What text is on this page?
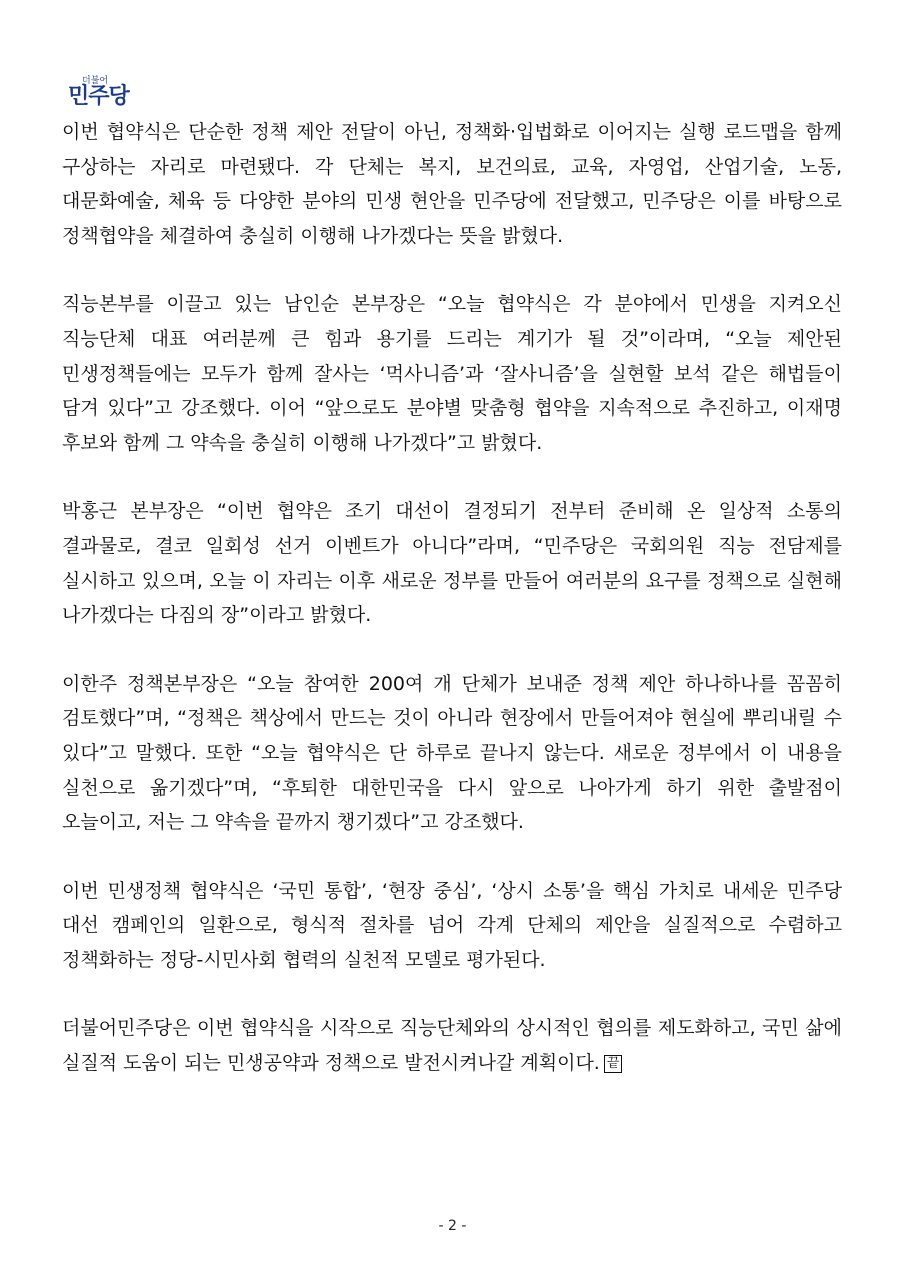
더불어
민주당

이번 협약식은 단순한 정책 제안 전달이 아닌, 정책화·입법화로 이어지는 실행 로드맵을 함께 구상하는 자리로 마련됐다. 각 단체는 복지, 보건의료, 교육, 자영업, 산업기술, 노동, 대문화예술, 체육 등 다양한 분야의 민생 현안을 민주당에 전달했고, 민주당은 이를 바탕으로 정책협약을 체결하여 충실히 이행해 나가겠다는 뜻을 밝혔다.

직능본부를 이끌고 있는 남인순 본부장은 “오늘 협약식은 각 분야에서 민생을 지켜오신 직능단체 대표 여러분께 큰 힘과 용기를 드리는 계기가 될 것”이라며, “오늘 제안된 민생정책들에는 모두가 함께 잘사는 ‘먹사니즘’과 ‘잘사니즘’을 실현할 보석 같은 해법들이 담겨 있다”고 강조했다. 이어 “앞으로도 분야별 맞춤형 협약을 지속적으로 추진하고, 이재명 후보와 함께 그 약속을 충실히 이행해 나가겠다”고 밝혔다.

박홍근 본부장은 “이번 협약은 조기 대선이 결정되기 전부터 준비해 온 일상적 소통의 결과물로, 결코 일회성 선거 이벤트가 아니다”라며, “민주당은 국회의원 직능 전담제를 실시하고 있으며, 오늘 이 자리는 이후 새로운 정부를 만들어 여러분의 요구를 정책으로 실현해 나가겠다는 다짐의 장”이라고 밝혔다.

이한주 정책본부장은 “오늘 참여한 200여 개 단체가 보내준 정책 제안 하나하나를 꼼꼼히 검토했다”며, “정책은 책상에서 만드는 것이 아니라 현장에서 만들어져야 현실에 뿌리내릴 수 있다”고 말했다. 또한 “오늘 협약식은 단 하루로 끝나지 않는다. 새로운 정부에서 이 내용을 실천으로 옮기겠다”며, “후퇴한 대한민국을 다시 앞으로 나아가게 하기 위한 출발점이 오늘이고, 저는 그 약속을 끝까지 챙기겠다”고 강조했다.

이번 민생정책 협약식은 ‘국민 통합’, ‘현장 중심’, ‘상시 소통’을 핵심 가치로 내세운 민주당 대선 캠페인의 일환으로, 형식적 절차를 넘어 각계 단체의 제안을 실질적으로 수렴하고 정책화하는 정당-시민사회 협력의 실천적 모델로 평가된다.

더불어민주당은 이번 협약식을 시작으로 직능단체와의 상시적인 협의를 제도화하고, 국민 삶에 실질적 도움이 되는 민생공약과 정책으로 발전시켜나갈 계획이다. 끝

- 2 -
